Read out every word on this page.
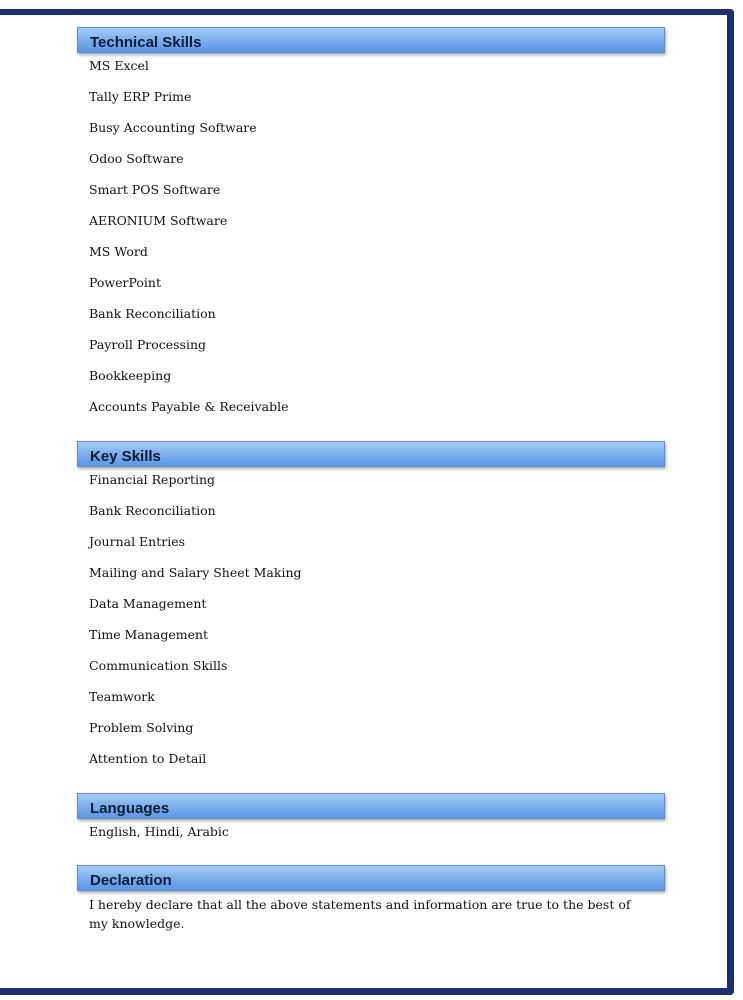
Technical Skills
MS Excel
Tally ERP Prime
Busy Accounting Software
Odoo Software
Smart POS Software
AERONIUM Software
MS Word
PowerPoint
Bank Reconciliation
Payroll Processing
Bookkeeping
Accounts Payable & Receivable
Key Skills
Financial Reporting
Bank Reconciliation
Journal Entries
Mailing and Salary Sheet Making
Data Management
Time Management
Communication Skills
Teamwork
Problem Solving
Attention to Detail
Languages
English, Hindi, Arabic
Declaration
I hereby declare that all the above statements and information are true to the best of my knowledge.
